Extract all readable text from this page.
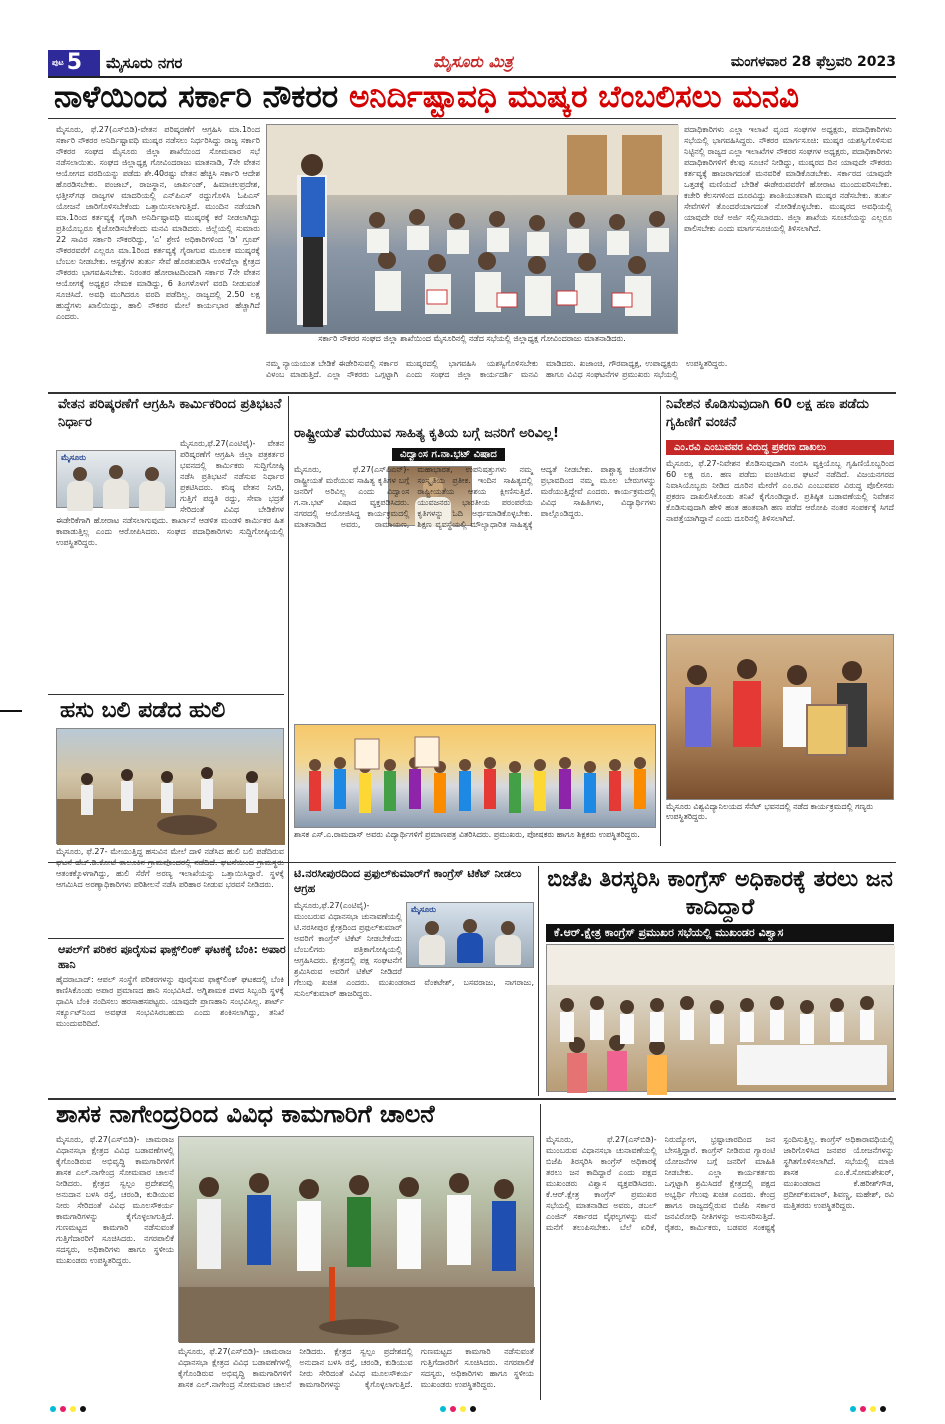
ಪುಟ 5 ಮೈಸೂರು ನಗರ	ಮೈಸೂರು ಮಿತ್ರ	ಮಂಗಳವಾರ 28 ಫೆಬ್ರವರಿ 2023
ನಾಳೆಯಿಂದ ಸರ್ಕಾರಿ ನೌಕರರ ಅನಿರ್ದಿಷ್ಟಾವಧಿ ಮುಷ್ಕರ ಬೆಂಬಲಿಸಲು ಮನವಿ
ಮೈಸೂರು, ಫೆ.27(ಎಸ್‌ಬಿಡಿ)-ವೇತನ ಪರಿಷ್ಕರಣೆಗೆ ಆಗ್ರಹಿಸಿ ಮಾ.1ರಿಂದ ಸರ್ಕಾರಿ ನೌಕರರ ಅನಿರ್ದಿಷ್ಟಾವಧಿ ಮುಷ್ಕರ ನಡೆಸಲು ನಿರ್ಧರಿಸಿದ್ದು ರಾಜ್ಯ ಸರ್ಕಾರಿ ನೌಕರರ ಸಂಘದ ಮೈಸೂರು ಜಿಲ್ಲಾ ಶಾಖೆಯಿಂದ ಸೋಮವಾರ ಸಭೆ ನಡೆಸಲಾಯಿತು. ಸಂಘದ ಜಿಲ್ಲಾಧ್ಯಕ್ಷ ಗೋವಿಂದರಾಜು ಮಾತನಾಡಿ, 7ನೇ ವೇತನ ಆಯೋಗದ ವರದಿಯನ್ನು ಪಡೆದು ಶೇ.40ರಷ್ಟು ವೇತನ ಹೆಚ್ಚಿಸಿ ಸರ್ಕಾರಿ ಆದೇಶ ಹೊರಡಿಸಬೇಕು. ಪಂಜಾಬ್, ರಾಜಸ್ಥಾನ, ಜಾರ್ಖಂಡ್, ಹಿಮಾಚಲಪ್ರದೇಶ, ಛತ್ತೀಸ್‌ಗಢ ರಾಜ್ಯಗಳ ಮಾದರಿಯಲ್ಲಿ ಎನ್‌ಪಿಎಸ್ ರದ್ದುಗೊಳಿಸಿ ಓಪಿಎಸ್ ಯೋಜನೆ ಜಾರಿಗೊಳಿಸಬೇಕೆಂದು ಒತ್ತಾಯಿಸಲಾಗುತ್ತಿದೆ. ಮುಂದಿನ ನಡೆಯಾಗಿ ಮಾ.1ರಿಂದ ಕರ್ತವ್ಯಕ್ಕೆ ಗೈರಾಗಿ ಅನಿರ್ದಿಷ್ಟಾವಧಿ ಮುಷ್ಕರಕ್ಕೆ ಕರೆ ನೀಡಲಾಗಿದ್ದು ಪ್ರತಿಯೊಬ್ಬರೂ ಕೈಜೋಡಿಸಬೇಕೆಂದು ಮನವಿ ಮಾಡಿದರು. ಜಿಲ್ಲೆಯಲ್ಲಿ ಸುಮಾರು 22 ಸಾವಿರ ಸರ್ಕಾರಿ ನೌಕರರಿದ್ದು, 'ಎ' ಶ್ರೇಣಿ ಅಧಿಕಾರಿಗಳಿಂದ 'ಡಿ' ಗ್ರೂಪ್ ನೌಕರರವರೆಗೆ ಎಲ್ಲರೂ ಮಾ.1ರಿಂದ ಕರ್ತವ್ಯಕ್ಕೆ ಗೈರಾಗುವ ಮೂಲಕ ಮುಷ್ಕರಕ್ಕೆ ಬೆಂಬಲ ನೀಡಬೇಕು. ಆಸ್ಪತ್ರೆಗಳ ತುರ್ತು ಸೇವೆ ಹೊರತುಪಡಿಸಿ ಉಳಿದೆಲ್ಲಾ ಕ್ಷೇತ್ರದ ನೌಕರರು ಭಾಗವಹಿಸಬೇಕು. ನಿರಂತರ ಹೋರಾಟದಿಂದಾಗಿ ಸರ್ಕಾರ 7ನೇ ವೇತನ ಆಯೋಗಕ್ಕೆ ಅಧ್ಯಕ್ಷರ ನೇಮಕ ಮಾಡಿದ್ದು, 6 ತಿಂಗಳೊಳಗೆ ವರದಿ ನೀಡುವಂತೆ ಸೂಚಿಸಿದೆ. ಅವಧಿ ಮುಗಿದರೂ ವರದಿ ಪಡೆದಿಲ್ಲ. ರಾಜ್ಯದಲ್ಲಿ 2.50 ಲಕ್ಷ ಹುದ್ದೆಗಳು ಖಾಲಿಯಿದ್ದು, ಹಾಲಿ ನೌಕರರ ಮೇಲೆ ಕಾರ್ಯಭಾರ ಹೆಚ್ಚಾಗಿದೆ ಎಂದರು.
ಸರ್ಕಾರಿ ನೌಕರರ ಸಂಘದ ಜಿಲ್ಲಾ ಶಾಖೆಯಿಂದ ಮೈಸೂರಿನಲ್ಲಿ ನಡೆದ ಸಭೆಯಲ್ಲಿ ಜಿಲ್ಲಾಧ್ಯಕ್ಷ ಗೋವಿಂದರಾಜು ಮಾತನಾಡಿದರು.
ನಮ್ಮ ನ್ಯಾಯಯುತ ಬೇಡಿಕೆ ಈಡೇರಿಸುವಲ್ಲಿ ಸರ್ಕಾರ ವಿಳಂಬ ಮಾಡುತ್ತಿದೆ. ಎಲ್ಲಾ ನೌಕರರು ಒಗ್ಗಟ್ಟಾಗಿ ಮುಷ್ಕರದಲ್ಲಿ ಭಾಗವಹಿಸಿ ಯಶಸ್ವಿಗೊಳಿಸಬೇಕು ಎಂದು ಸಂಘದ ಜಿಲ್ಲಾ ಕಾರ್ಯದರ್ಶಿ ಮನವಿ ಮಾಡಿದರು. ಖಜಾಂಚಿ, ಗೌರವಾಧ್ಯಕ್ಷ, ಉಪಾಧ್ಯಕ್ಷರು ಹಾಗೂ ವಿವಿಧ ಸಂಘಟನೆಗಳ ಪ್ರಮುಖರು ಸಭೆಯಲ್ಲಿ ಉಪಸ್ಥಿತರಿದ್ದರು.
ಪದಾಧಿಕಾರಿಗಳು ಎಲ್ಲಾ ಇಲಾಖೆ ವೃಂದ ಸಂಘಗಳ ಅಧ್ಯಕ್ಷರು, ಪದಾಧಿಕಾರಿಗಳು ಸಭೆಯಲ್ಲಿ ಭಾಗವಹಿಸಿದ್ದರು. ನೌಕರರ ಮಾರ್ಗಸೂಚಿ: ಮುಷ್ಕರ ಯಶಸ್ವಿಗೊಳಿಸುವ ನಿಟ್ಟಿನಲ್ಲಿ ರಾಜ್ಯದ ಎಲ್ಲಾ ಇಲಾಖೆಗಳ ನೌಕರರ ಸಂಘಗಳ ಅಧ್ಯಕ್ಷರು, ಪದಾಧಿಕಾರಿಗಳು ಪದಾಧಿಕಾರಿಗಳಿಗೆ ಕೆಲವು ಸೂಚನೆ ನೀಡಿದ್ದು, ಮುಷ್ಕರದ ದಿನ ಯಾವುದೇ ನೌಕರರು ಕರ್ತವ್ಯಕ್ಕೆ ಹಾಜರಾಗದಂತೆ ಮನವರಿಕೆ ಮಾಡಿಕೊಡಬೇಕು. ಸರ್ಕಾರದ ಯಾವುದೇ ಒತ್ತಡಕ್ಕೆ ಮಣಿಯದೆ ಬೇಡಿಕೆ ಈಡೇರುವವರೆಗೆ ಹೋರಾಟ ಮುಂದುವರಿಸಬೇಕು. ಕಚೇರಿ ಕೆಲಸಗಳಿಂದ ದೂರವಿದ್ದು ಶಾಂತಿಯುತವಾಗಿ ಮುಷ್ಕರ ನಡೆಸಬೇಕು. ತುರ್ತು ಸೇವೆಗಳಿಗೆ ತೊಂದರೆಯಾಗದಂತೆ ನೋಡಿಕೊಳ್ಳಬೇಕು. ಮುಷ್ಕರದ ಅವಧಿಯಲ್ಲಿ ಯಾವುದೇ ರಜೆ ಅರ್ಜಿ ಸಲ್ಲಿಸಬಾರದು. ಜಿಲ್ಲಾ ಶಾಖೆಯ ಸೂಚನೆಯನ್ನು ಎಲ್ಲರೂ ಪಾಲಿಸಬೇಕು ಎಂದು ಮಾರ್ಗಸೂಚಿಯಲ್ಲಿ ತಿಳಿಸಲಾಗಿದೆ.
ವೇತನ ಪರಿಷ್ಕರಣೆಗೆ ಆಗ್ರಹಿಸಿ ಕಾರ್ಮಿಕರಿಂದ ಪ್ರತಿಭಟನೆ ನಿರ್ಧಾರ
ಮೈಸೂರು
ಮೈಸೂರು,ಫೆ.27(ಎಂಟಿವೈ)- ವೇತನ ಪರಿಷ್ಕರಣೆಗೆ ಆಗ್ರಹಿಸಿ ಜಿಲ್ಲಾ ಪತ್ರಕರ್ತರ ಭವನದಲ್ಲಿ ಕಾರ್ಮಿಕರು ಸುದ್ದಿಗೋಷ್ಠಿ ನಡೆಸಿ ಪ್ರತಿಭಟನೆ ನಡೆಸುವ ನಿರ್ಧಾರ ಪ್ರಕಟಿಸಿದರು. ಕನಿಷ್ಠ ವೇತನ ನಿಗದಿ, ಗುತ್ತಿಗೆ ಪದ್ಧತಿ ರದ್ದು, ಸೇವಾ ಭದ್ರತೆ ಸೇರಿದಂತೆ ವಿವಿಧ ಬೇಡಿಕೆಗಳ ಈಡೇರಿಕೆಗಾಗಿ ಹೋರಾಟ ನಡೆಸಲಾಗುವುದು. ಕಾರ್ಖಾನೆ ಆಡಳಿತ ಮಂಡಳಿ ಕಾರ್ಮಿಕರ ಹಿತ ಕಾಪಾಡುತ್ತಿಲ್ಲ ಎಂದು ಆರೋಪಿಸಿದರು. ಸಂಘದ ಪದಾಧಿಕಾರಿಗಳು ಸುದ್ದಿಗೋಷ್ಠಿಯಲ್ಲಿ ಉಪಸ್ಥಿತರಿದ್ದರು.
ರಾಷ್ಟ್ರೀಯತೆ ಮರೆಯುವ ಸಾಹಿತ್ಯ ಕೃತಿಯ ಬಗ್ಗೆ ಜನರಿಗೆ ಅರಿವಿಲ್ಲ!
ವಿದ್ವಾಂಸ ಗ.ನಾ.ಭಟ್ ವಿಷಾದ
ಮೈಸೂರು, ಫೆ.27(ಎಸ್‌ಪಿಎನ್)- ರಾಷ್ಟ್ರೀಯತೆ ಮರೆಯುವ ಸಾಹಿತ್ಯ ಕೃತಿಗಳ ಬಗ್ಗೆ ಜನರಿಗೆ ಅರಿವಿಲ್ಲ ಎಂದು ವಿದ್ವಾಂಸ ಗ.ನಾ.ಭಟ್ ವಿಷಾದ ವ್ಯಕ್ತಪಡಿಸಿದರು. ನಗರದಲ್ಲಿ ಆಯೋಜಿಸಿದ್ದ ಕಾರ್ಯಕ್ರಮದಲ್ಲಿ ಮಾತನಾಡಿದ ಅವರು, ರಾಮಾಯಣ, ಮಹಾಭಾರತ, ಉಪನಿಷತ್ತುಗಳು ನಮ್ಮ ಸಂಸ್ಕೃತಿಯ ಪ್ರತೀಕ. ಇಂದಿನ ಸಾಹಿತ್ಯದಲ್ಲಿ ರಾಷ್ಟ್ರೀಯತೆಯ ಆಶಯ ಕ್ಷೀಣಿಸುತ್ತಿದೆ. ಯುವಜನರು ಭಾರತೀಯ ಪರಂಪರೆಯ ಕೃತಿಗಳನ್ನು ಓದಿ ಅರ್ಥಮಾಡಿಕೊಳ್ಳಬೇಕು. ಶಿಕ್ಷಣ ವ್ಯವಸ್ಥೆಯಲ್ಲಿ ಮೌಲ್ಯಾಧಾರಿತ ಸಾಹಿತ್ಯಕ್ಕೆ ಆದ್ಯತೆ ನೀಡಬೇಕು. ಪಾಶ್ಚಾತ್ಯ ಚಿಂತನೆಗಳ ಪ್ರಭಾವದಿಂದ ನಮ್ಮ ಮೂಲ ಬೇರುಗಳನ್ನು ಮರೆಯುತ್ತಿದ್ದೇವೆ ಎಂದರು. ಕಾರ್ಯಕ್ರಮದಲ್ಲಿ ವಿವಿಧ ಸಾಹಿತಿಗಳು, ವಿದ್ಯಾರ್ಥಿಗಳು ಪಾಲ್ಗೊಂಡಿದ್ದರು.
ಶಾಸಕ ಎಸ್.ಎ.ರಾಮದಾಸ್ ಅವರು ವಿದ್ಯಾರ್ಥಿಗಳಿಗೆ ಪ್ರಮಾಣಪತ್ರ ವಿತರಿಸಿದರು. ಪ್ರಮುಖರು, ಪೋಷಕರು ಹಾಗೂ ಶಿಕ್ಷಕರು ಉಪಸ್ಥಿತರಿದ್ದರು.
ನಿವೇಶನ ಕೊಡಿಸುವುದಾಗಿ 60 ಲಕ್ಷ ಹಣ ಪಡೆದು ಗೃಹಿಣಿಗೆ ವಂಚನೆ
ಎಂ.ರವಿ ಎಂಬುವವರ ವಿರುದ್ಧ ಪ್ರಕರಣ ದಾಖಲು
ಮೈಸೂರು, ಫೆ.27-ನಿವೇಶನ ಕೊಡಿಸುವುದಾಗಿ ನಂಬಿಸಿ ವ್ಯಕ್ತಿಯೊಬ್ಬ ಗೃಹಿಣಿಯೊಬ್ಬರಿಂದ 60 ಲಕ್ಷ ರೂ. ಹಣ ಪಡೆದು ವಂಚಿಸಿರುವ ಘಟನೆ ನಡೆದಿದೆ. ವಿಜಯನಗರದ ನಿವಾಸಿಯೊಬ್ಬರು ನೀಡಿದ ದೂರಿನ ಮೇರೆಗೆ ಎಂ.ರವಿ ಎಂಬುವವರ ವಿರುದ್ಧ ಪೊಲೀಸರು ಪ್ರಕರಣ ದಾಖಲಿಸಿಕೊಂಡು ತನಿಖೆ ಕೈಗೊಂಡಿದ್ದಾರೆ. ಪ್ರತಿಷ್ಠಿತ ಬಡಾವಣೆಯಲ್ಲಿ ನಿವೇಶನ ಕೊಡಿಸುವುದಾಗಿ ಹೇಳಿ ಹಂತ ಹಂತವಾಗಿ ಹಣ ಪಡೆದ ಆರೋಪಿ ನಂತರ ಸಂಪರ್ಕಕ್ಕೆ ಸಿಗದೆ ನಾಪತ್ತೆಯಾಗಿದ್ದಾನೆ ಎಂದು ದೂರಿನಲ್ಲಿ ತಿಳಿಸಲಾಗಿದೆ.
ಮೈಸೂರು ವಿಶ್ವವಿದ್ಯಾನಿಲಯದ ಸೆನೆಟ್ ಭವನದಲ್ಲಿ ನಡೆದ ಕಾರ್ಯಕ್ರಮದಲ್ಲಿ ಗಣ್ಯರು ಉಪಸ್ಥಿತರಿದ್ದರು.
ಹಸು ಬಲಿ ಪಡೆದ ಹುಲಿ
ಮೈಸೂರು, ಫೆ.27- ಮೇಯುತ್ತಿದ್ದ ಹಸುವಿನ ಮೇಲೆ ದಾಳಿ ನಡೆಸಿದ ಹುಲಿ ಬಲಿ ಪಡೆದಿರುವ ಆತಂಕಕ್ಕೊಳಗಾಗಿದ್ದು, ಹುಲಿ ಸೆರೆಗೆ ಅರಣ್ಯ ಇಲಾಖೆಯನ್ನು ಒತ್ತಾಯಿಸಿದ್ದಾರೆ. ಸ್ಥಳಕ್ಕೆ ಆಗಮಿಸಿದ ಅರಣ್ಯಾಧಿಕಾರಿಗಳು ಪರಿಶೀಲನೆ ನಡೆಸಿ ಪರಿಹಾರ ನೀಡುವ ಭರವಸೆ ನೀಡಿದರು.
ಆಪಲ್‌ಗೆ ಪರಿಕರ ಪೂರೈಸುವ ಫಾಕ್ಸ್‌ಲಿಂಕ್ ಘಟಕಕ್ಕೆ ಬೆಂಕಿ: ಅಪಾರ ಹಾನಿ
ಹೈದರಾಬಾದ್: ಆಪಲ್ ಸಂಸ್ಥೆಗೆ ಪರಿಕರಗಳನ್ನು ಪೂರೈಸುವ ಫಾಕ್ಸ್‌ಲಿಂಕ್ ಘಟಕದಲ್ಲಿ ಬೆಂಕಿ ಕಾಣಿಸಿಕೊಂಡು ಅಪಾರ ಪ್ರಮಾಣದ ಹಾನಿ ಸಂಭವಿಸಿದೆ. ಅಗ್ನಿಶಾಮಕ ದಳದ ಸಿಬ್ಬಂದಿ ಸ್ಥಳಕ್ಕೆ ಧಾವಿಸಿ ಬೆಂಕಿ ನಂದಿಸಲು ಹರಸಾಹಸಪಟ್ಟರು. ಯಾವುದೇ ಪ್ರಾಣಹಾನಿ ಸಂಭವಿಸಿಲ್ಲ. ಶಾರ್ಟ್ ಸರ್ಕ್ಯೂಟ್‌ನಿಂದ ಅವಘಡ ಸಂಭವಿಸಿರಬಹುದು ಎಂದು ಶಂಕಿಸಲಾಗಿದ್ದು, ತನಿಖೆ ಮುಂದುವರಿದಿದೆ.
ಟಿ.ನರಸೀಪುರದಿಂದ ಪ್ರಫುಲ್‌ಕುಮಾರ್‌ಗೆ ಕಾಂಗ್ರೆಸ್ ಟಿಕೆಟ್ ನೀಡಲು ಆಗ್ರಹ
ಮೈಸೂರು
ಮೈಸೂರು,ಫೆ.27(ಎಂಟಿವೈ)- ಮುಂಬರುವ ವಿಧಾನಸಭಾ ಚುನಾವಣೆಯಲ್ಲಿ ಟಿ.ನರಸೀಪುರ ಕ್ಷೇತ್ರದಿಂದ ಪ್ರಫುಲ್‌ಕುಮಾರ್ ಅವರಿಗೆ ಕಾಂಗ್ರೆಸ್ ಟಿಕೆಟ್ ನೀಡಬೇಕೆಂದು ಬೆಂಬಲಿಗರು ಪತ್ರಿಕಾಗೋಷ್ಠಿಯಲ್ಲಿ ಆಗ್ರಹಿಸಿದರು. ಕ್ಷೇತ್ರದಲ್ಲಿ ಪಕ್ಷ ಸಂಘಟನೆಗೆ ಶ್ರಮಿಸಿರುವ ಅವರಿಗೆ ಟಿಕೆಟ್ ನೀಡಿದರೆ ಗೆಲುವು ಖಚಿತ ಎಂದರು. ಮುಖಂಡರಾದ ವೆಂಕಟೇಶ್, ಬಸವರಾಜು, ನಾಗರಾಜು, ಸುನಿಲ್‌ಕುಮಾರ್ ಹಾಜರಿದ್ದರು.
ಬಿಜೆಪಿ ತಿರಸ್ಕರಿಸಿ ಕಾಂಗ್ರೆಸ್ ಅಧಿಕಾರಕ್ಕೆ ತರಲು ಜನ ಕಾದಿದ್ದಾರೆ
ಕೆ.ಆರ್.ಕ್ಷೇತ್ರ ಕಾಂಗ್ರೆಸ್ ಪ್ರಮುಖರ ಸಭೆಯಲ್ಲಿ ಮುಖಂಡರ ವಿಶ್ವಾಸ
ಶಾಸಕ ನಾಗೇಂದ್ರರಿಂದ ವಿವಿಧ ಕಾಮಗಾರಿಗೆ ಚಾಲನೆ
ಮೈಸೂರು, ಫೆ.27(ಎಸ್‌ಬಿಡಿ)- ಚಾಮರಾಜ ವಿಧಾನಸಭಾ ಕ್ಷೇತ್ರದ ವಿವಿಧ ಬಡಾವಣೆಗಳಲ್ಲಿ ಕೈಗೊಂಡಿರುವ ಅಭಿವೃದ್ಧಿ ಕಾಮಗಾರಿಗಳಿಗೆ ಶಾಸಕ ಎಲ್.ನಾಗೇಂದ್ರ ಸೋಮವಾರ ಚಾಲನೆ ನೀಡಿದರು. ಕ್ಷೇತ್ರದ ಸ್ವಲ್ಪಂ ಪ್ರದೇಶದಲ್ಲಿ ಅನುದಾನ ಬಳಸಿ ರಸ್ತೆ, ಚರಂಡಿ, ಕುಡಿಯುವ ನೀರು ಸೇರಿದಂತೆ ವಿವಿಧ ಮೂಲಸೌಕರ್ಯ ಕಾಮಗಾರಿಗಳನ್ನು ಕೈಗೊಳ್ಳಲಾಗುತ್ತಿದೆ. ಗುಣಮಟ್ಟದ ಕಾಮಗಾರಿ ನಡೆಸುವಂತೆ ಗುತ್ತಿಗೆದಾರರಿಗೆ ಸೂಚಿಸಿದರು. ನಗರಪಾಲಿಕೆ ಸದಸ್ಯರು, ಅಧಿಕಾರಿಗಳು ಹಾಗೂ ಸ್ಥಳೀಯ ಮುಖಂಡರು ಉಪಸ್ಥಿತರಿದ್ದರು.
ಮೈಸೂರು, ಫೆ.27(ಎಸ್‌ಬಿಡಿ)- ಚಾಮರಾಜ ವಿಧಾನಸಭಾ ಕ್ಷೇತ್ರದ ವಿವಿಧ ಬಡಾವಣೆಗಳಲ್ಲಿ ಕೈಗೊಂಡಿರುವ ಅಭಿವೃದ್ಧಿ ಕಾಮಗಾರಿಗಳಿಗೆ ಶಾಸಕ ಎಲ್.ನಾಗೇಂದ್ರ ಸೋಮವಾರ ಚಾಲನೆ ನೀಡಿದರು. ಕ್ಷೇತ್ರದ ಸ್ವಲ್ಪಂ ಪ್ರದೇಶದಲ್ಲಿ ಅನುದಾನ ಬಳಸಿ ರಸ್ತೆ, ಚರಂಡಿ, ಕುಡಿಯುವ ನೀರು ಸೇರಿದಂತೆ ವಿವಿಧ ಮೂಲಸೌಕರ್ಯ ಕಾಮಗಾರಿಗಳನ್ನು ಕೈಗೊಳ್ಳಲಾಗುತ್ತಿದೆ. ಗುಣಮಟ್ಟದ ಕಾಮಗಾರಿ ನಡೆಸುವಂತೆ ಗುತ್ತಿಗೆದಾರರಿಗೆ ಸೂಚಿಸಿದರು. ನಗರಪಾಲಿಕೆ ಸದಸ್ಯರು, ಅಧಿಕಾರಿಗಳು ಹಾಗೂ ಸ್ಥಳೀಯ ಮುಖಂಡರು ಉಪಸ್ಥಿತರಿದ್ದರು.
ಮೈಸೂರು, ಫೆ.27(ಎಸ್‌ಬಿಡಿ)- ಮುಂಬರುವ ವಿಧಾನಸಭಾ ಚುನಾವಣೆಯಲ್ಲಿ ಬಿಜೆಪಿ ತಿರಸ್ಕರಿಸಿ ಕಾಂಗ್ರೆಸ್ ಅಧಿಕಾರಕ್ಕೆ ತರಲು ಜನ ಕಾದಿದ್ದಾರೆ ಎಂದು ಪಕ್ಷದ ಮುಖಂಡರು ವಿಶ್ವಾಸ ವ್ಯಕ್ತಪಡಿಸಿದರು. ಕೆ.ಆರ್.ಕ್ಷೇತ್ರ ಕಾಂಗ್ರೆಸ್ ಪ್ರಮುಖರ ಸಭೆಯಲ್ಲಿ ಮಾತನಾಡಿದ ಅವರು, ಡಬಲ್ ಎಂಜಿನ್ ಸರ್ಕಾರದ ವೈಫಲ್ಯಗಳನ್ನು ಮನೆ ಮನೆಗೆ ತಲುಪಿಸಬೇಕು. ಬೆಲೆ ಏರಿಕೆ, ನಿರುದ್ಯೋಗ, ಭ್ರಷ್ಟಾಚಾರದಿಂದ ಜನ ಬೇಸತ್ತಿದ್ದಾರೆ. ಕಾಂಗ್ರೆಸ್ ನೀಡಿರುವ ಗ್ಯಾರಂಟಿ ಯೋಜನೆಗಳ ಬಗ್ಗೆ ಜನರಿಗೆ ಮಾಹಿತಿ ನೀಡಬೇಕು. ಎಲ್ಲಾ ಕಾರ್ಯಕರ್ತರು ಒಗ್ಗಟ್ಟಾಗಿ ಶ್ರಮಿಸಿದರೆ ಕ್ಷೇತ್ರದಲ್ಲಿ ಪಕ್ಷದ ಅಭ್ಯರ್ಥಿ ಗೆಲುವು ಖಚಿತ ಎಂದರು. ಕೇಂದ್ರ ಹಾಗೂ ರಾಜ್ಯದಲ್ಲಿರುವ ಬಿಜೆಪಿ ಸರ್ಕಾರ ಜನವಿರೋಧಿ ನೀತಿಗಳನ್ನು ಅನುಸರಿಸುತ್ತಿದೆ. ರೈತರು, ಕಾರ್ಮಿಕರು, ಬಡವರ ಸಂಕಷ್ಟಕ್ಕೆ ಸ್ಪಂದಿಸುತ್ತಿಲ್ಲ. ಕಾಂಗ್ರೆಸ್ ಅಧಿಕಾರಾವಧಿಯಲ್ಲಿ ಜಾರಿಗೊಳಿಸಿದ ಜನಪರ ಯೋಜನೆಗಳನ್ನು ಸ್ಥಗಿತಗೊಳಿಸಲಾಗಿದೆ. ಸಭೆಯಲ್ಲಿ ಮಾಜಿ ಶಾಸಕ ಎಂ.ಕೆ.ಸೋಮಶೇಖರ್, ಮುಖಂಡರಾದ ಕೆ.ಹರೀಶ್‌ಗೌಡ, ಪ್ರದೀಪ್‌ಕುಮಾರ್, ಶಿವಣ್ಣ, ಮಹೇಶ್, ರವಿ ಮತ್ತಿತರರು ಉಪಸ್ಥಿತರಿದ್ದರು.
